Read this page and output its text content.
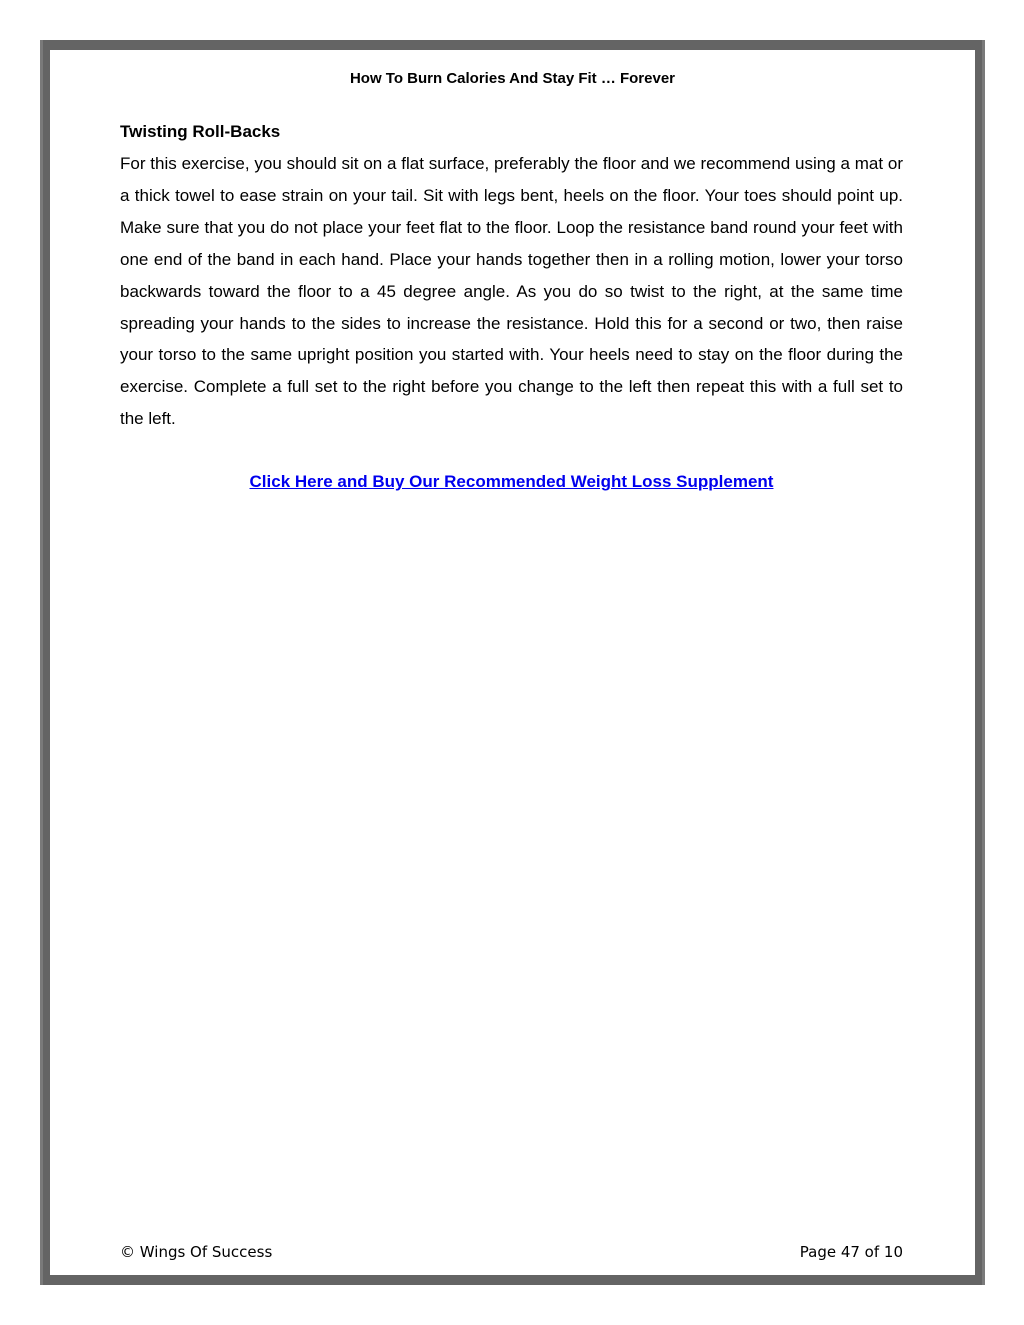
How To Burn Calories And Stay Fit … Forever
Twisting Roll-Backs

For this exercise, you should sit on a flat surface, preferably the floor and we recommend using a mat or a thick towel to ease strain on your tail. Sit with legs bent, heels on the floor. Your toes should point up. Make sure that you do not place your feet flat to the floor. Loop the resistance band round your feet with one end of the band in each hand. Place your hands together then in a rolling motion, lower your torso backwards toward the floor to a 45 degree angle. As you do so twist to the right, at the same time spreading your hands to the sides to increase the resistance. Hold this for a second or two, then raise your torso to the same upright position you started with. Your heels need to stay on the floor during the exercise. Complete a full set to the right before you change to the left then repeat this with a full set to the left.

Click Here and Buy Our Recommended Weight Loss Supplement
© Wings Of Success	Page 47 of 10
